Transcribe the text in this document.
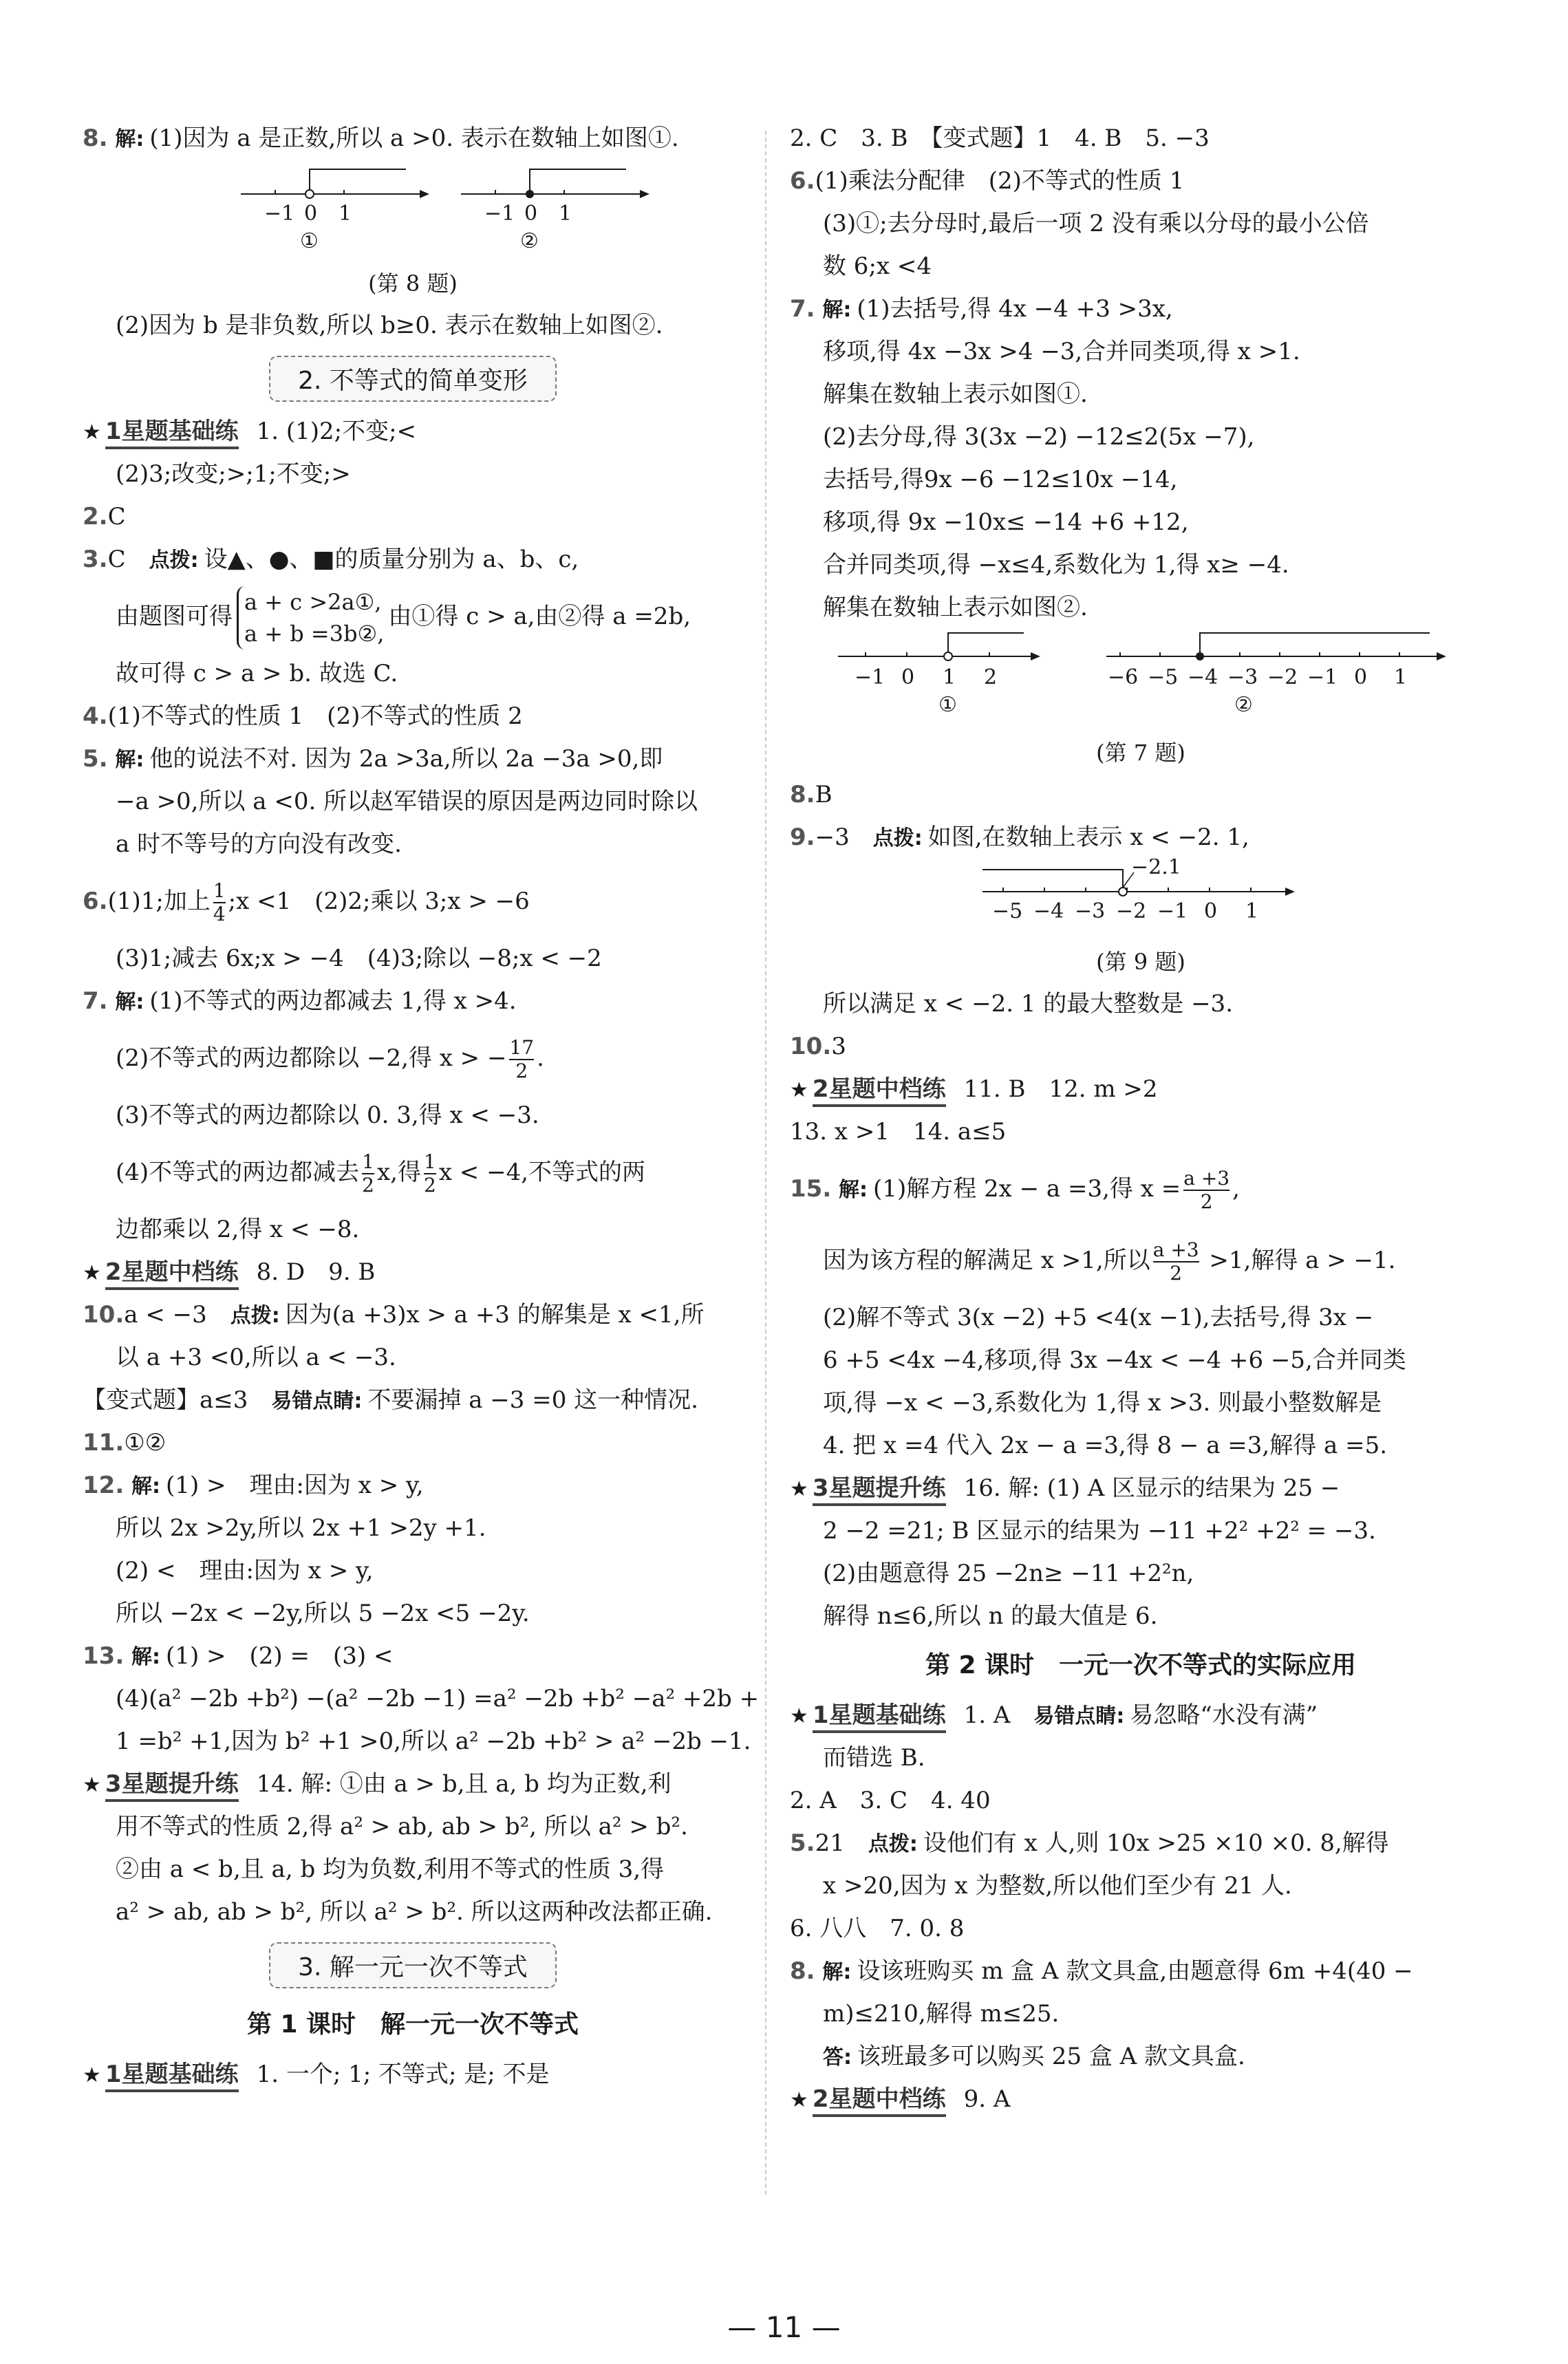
8. 解: (1)因为 a 是正数,所以 a >0. 表示在数轴上如图①.
−1 0 1
①
−1 0 1
②
(第 8 题)
(2)因为 b 是非负数,所以 b≥0. 表示在数轴上如图②.
2. 不等式的简单变形
★ 1星题基础练 1. (1)2;不变;<
(2)3;改变;>;1;不变;>
2.C
3.C　 点拨: 设▲、●、■的质量分别为 a、b、c,
由题图可得
a + c >2a①,
a + b =3b②,
由①得 c > a,由②得 a =2b,
故可得 c > a > b. 故选 C.
4.(1)不等式的性质 1　(2)不等式的性质 2
5. 解: 他的说法不对. 因为 2a >3a,所以 2a −3a >0,即
−a >0,所以 a <0. 所以赵军错误的原因是两边同时除以
a 时不等号的方向没有改变.
6.(1)1;加上 $\frac{1}{4}$ ;x <1　(2)2;乘以 3;x > −6
(3)1;减去 6x;x > −4　(4)3;除以 −8;x < −2
7. 解: (1)不等式的两边都减去 1,得 x >4.
(2)不等式的两边都除以 −2,得 x > − $\frac{17}{2}$ .
(3)不等式的两边都除以 0. 3,得 x < −3.
(4)不等式的两边都减去 $\frac{1}{2} x$,得 $\frac{1}{2}$ x < −4,不等式的两
边都乘以 2,得 x < −8.
★ 2星题中档练 8. D　9. B
10.a < −3　 点拨: 因为(a +3)x > a +3 的解集是 x <1,所
以 a +3 <0,所以 a < −3.
【变式题】a≤3　 易错点睛: 不要漏掉 a −3 =0 这一种情况.
11.①②
12. 解: (1) >　理由:因为 x > y,
所以 2x >2y,所以 2x +1 >2y +1.
(2) <　理由:因为 x > y,
所以 −2x < −2y,所以 5 −2x <5 −2y.
13. 解: (1) >　(2) =　(3) <
(4)(a² −2b +b²) −(a² −2b −1) =a² −2b +b² −a² +2b +
1 =b² +1,因为 b² +1 >0,所以 a² −2b +b² > a² −2b −1.
★ 3星题提升练 14. 解: ①由 a > b,且 a, b 均为正数,利
用不等式的性质 2,得 a² > ab, ab > b², 所以 a² > b².
②由 a < b,且 a, b 均为负数,利用不等式的性质 3,得
a² > ab, ab > b², 所以 a² > b². 所以这两种改法都正确.
3. 解一元一次不等式
第 1 课时　解一元一次不等式
★ 1星题基础练 1. 一个; 1; 不等式; 是; 不是
2. C　3. B　【变式题】1　4. B　5. −3
6.(1)乘法分配律　(2)不等式的性质 1
(3)①;去分母时,最后一项 2 没有乘以分母的最小公倍
数 6;x <4
7. 解: (1)去括号,得 4x −4 +3 >3x,
移项,得 4x −3x >4 −3,合并同类项,得 x >1.
解集在数轴上表示如图①.
(2)去分母,得 3(3x −2) −12≤2(5x −7),
去括号,得9x −6 −12≤10x −14,
移项,得 9x −10x≤ −14 +6 +12,
合并同类项,得 −x≤4,系数化为 1,得 x≥ −4.
解集在数轴上表示如图②.
−1 0 1 2
①
−6 −5 −4 −3 −2 −1 0 1
②
(第 7 题)
8.B
9.−3　 点拨: 如图,在数轴上表示 x < −2. 1,
−2.1
−5 −4 −3 −2 −1 0 1
(第 9 题)
所以满足 x < −2. 1 的最大整数是 −3.
10.3
★ 2星题中档练 11. B　12. m >2
13. x >1　14. a≤5
15. 解: (1)解方程 2x − a =3,得 $x = \frac{a +3}{2}$ ,
因为该方程的解满足 x >1,所以 $\frac{a +3}{2} >1$,解得 a > −1.
(2)解不等式 3(x −2) +5 <4(x −1),去括号,得 3x −
6 +5 <4x −4,移项,得 3x −4x < −4 +6 −5,合并同类
项,得 −x < −3,系数化为 1,得 x >3. 则最小整数解是
4. 把 x =4 代入 2x − a =3,得 8 − a =3,解得 a =5.
★ 3星题提升练 16. 解: (1) A 区显示的结果为 25 −
2 −2 =21; B 区显示的结果为 −11 +2² +2² = −3.
(2)由题意得 25 −2n≥ −11 +2²n,
解得 n≤6,所以 n 的最大值是 6.
第 2 课时　一元一次不等式的实际应用
★ 1星题基础练 1. A　 易错点睛: 易忽略“水没有满”
而错选 B.
2. A　3. C　4. 40
5.21　 点拨: 设他们有 x 人,则 10x >25 ×10 ×0. 8,解得
x >20,因为 x 为整数,所以他们至少有 21 人.
6. 八八　7. 0. 8
8. 解: 设该班购买 m 盒 A 款文具盒,由题意得 6m +4(40 −
m)≤210,解得 m≤25.
答: 该班最多可以购买 25 盒 A 款文具盒.
★ 2星题中档练 9. A
— 11 —
